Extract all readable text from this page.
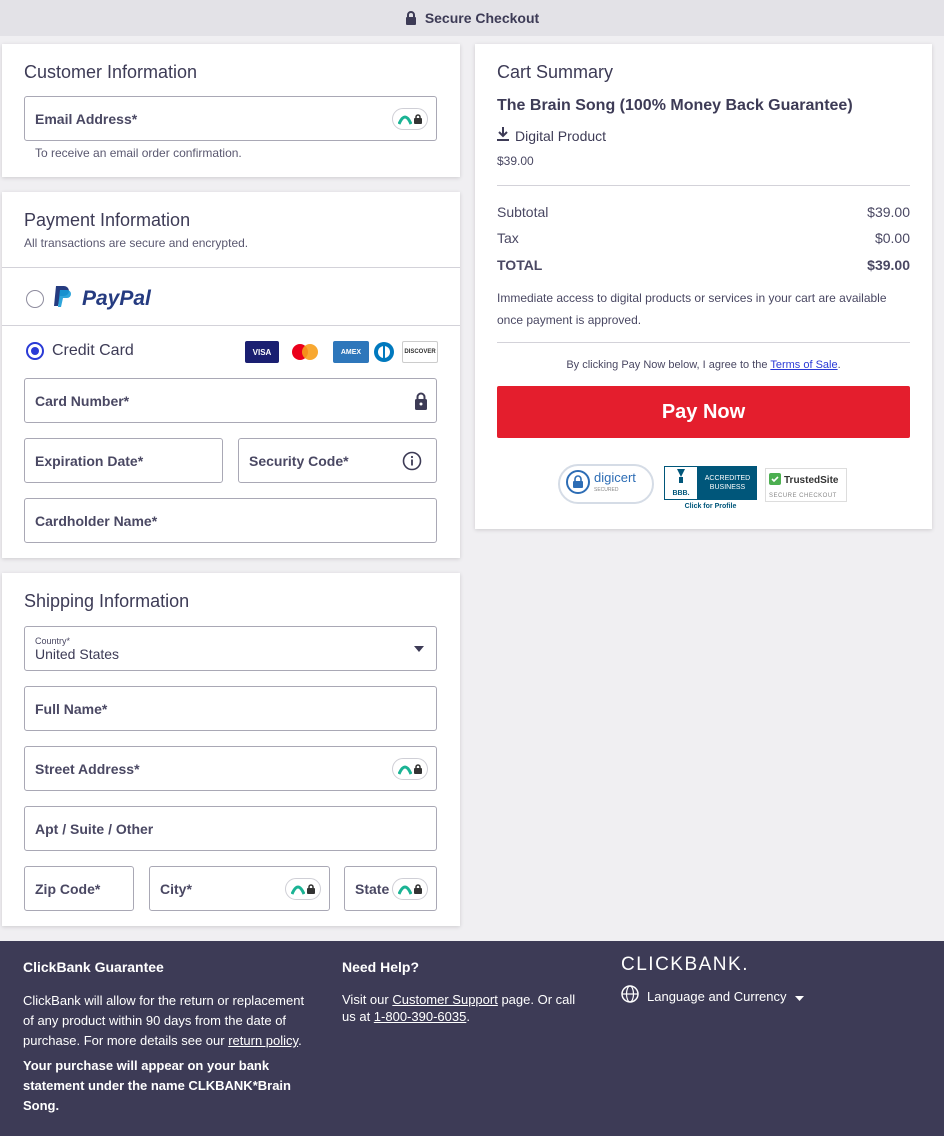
Secure Checkout
Customer Information
Email Address*
To receive an email order confirmation.
Payment Information
All transactions are secure and encrypted.
PayPal
Credit Card	VISA	AMEX	DISCOVER
Card Number*
Expiration Date*	Security Code*
Cardholder Name*
Shipping Information
Country*
United States
Full Name*
Street Address*
Apt / Suite / Other
Zip Code*	City*	State
Cart Summary
The Brain Song (100% Money Back Guarantee)
Digital Product
$39.00
Subtotal	$39.00
Tax	$0.00
TOTAL	$39.00
Immediate access to digital products or services in your cart are available once payment is approved.
By clicking Pay Now below, I agree to the Terms of Sale.
Pay Now
digicert
SECURED	BBB.
ACCREDITED
BUSINESS
Click for Profile
TrustedSite
SECURE CHECKOUT
ClickBank Guarantee

ClickBank will allow for the return or replacement of any product within 90 days from the date of purchase. For more details see our return policy.

Your purchase will appear on your bank statement under the name CLKBANK*Brain Song.

Need Help?

Visit our Customer Support page. Or call us at 1-800-390-6035.

CLICKBANK.
Language and Currency
